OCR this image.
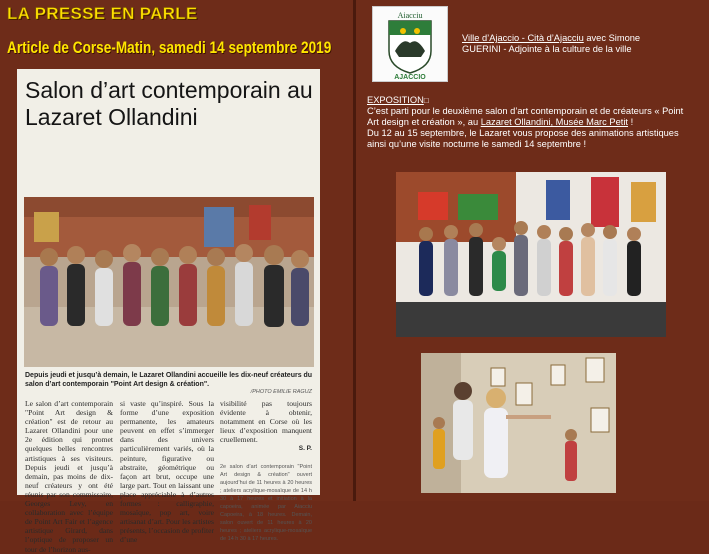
LA PRESSE EN PARLE
Article de Corse-Matin, samedi 14 septembre 2019
Salon d’art contemporain au Lazaret Ollandini
Depuis jeudi et jusqu’à demain, le Lazaret Ollandini accueille les dix-neuf créateurs du salon d’art contemporain "Point Art design & création".
/PHOTO EMILIE RAGUZ
Le salon d’art contemporain "Point Art design & création" est de retour au Lazaret Ollandini pour une 2e édition qui promet quelques belles rencontres artistiques à ses visiteurs. Depuis jeudi et jusqu’à demain, pas moins de dix-neuf créateurs y ont été réunis par son commissaire, Georges Levy, en collaboration avec l’équipe de Point Art Fair et l’agence artistique Girard, dans l’optique de proposer un tour de l’horizon aus-
si vaste qu’inspiré. Sous la forme d’une exposition permanente, les amateurs peuvent en effet s’immerger dans des univers particulièrement variés, où la peinture, figurative ou abstraite, géométrique ou façon art brut, occupe une large part. Tout en laissant une place appréciable à d’autres formes : calligraphie, mosaïque, pop art, voire artisanat d’art. Pour les artistes présents, l’occasion de profiter d’une
visibilité pas toujours évidente à obtenir, notamment en Corse où les lieux d’exposition manquent cruellement.
S. P.
2e salon d’art contemporain "Point Art design & création" ouvert aujourd’hui de 11 heures à 20 heures ; ateliers acrylique-mosaïque de 14 h 30 à 17 heures et initiation à la capoeira, animée par Aiacciu Capoeira, à 18 heures. Demain, salon ouvert de 11 heures à 20 heures ; ateliers acrylique-mosaïque de 14 h 30 à 17 heures.
Aiacciu
AJACCIO
Ville d’Ajaccio - Cità d’Ajacciu avec Simone GUERINI - Adjointe à la culture de la ville
EXPOSITION□
C’est parti pour le deuxième salon d’art contemporain et de créateurs « Point Art design et création », au Lazaret Ollandini, Musée Marc Petit !
Du 12 au 15 septembre, le Lazaret vous propose des animations artistiques ainsi qu’une visite nocturne le samedi 14 septembre !
